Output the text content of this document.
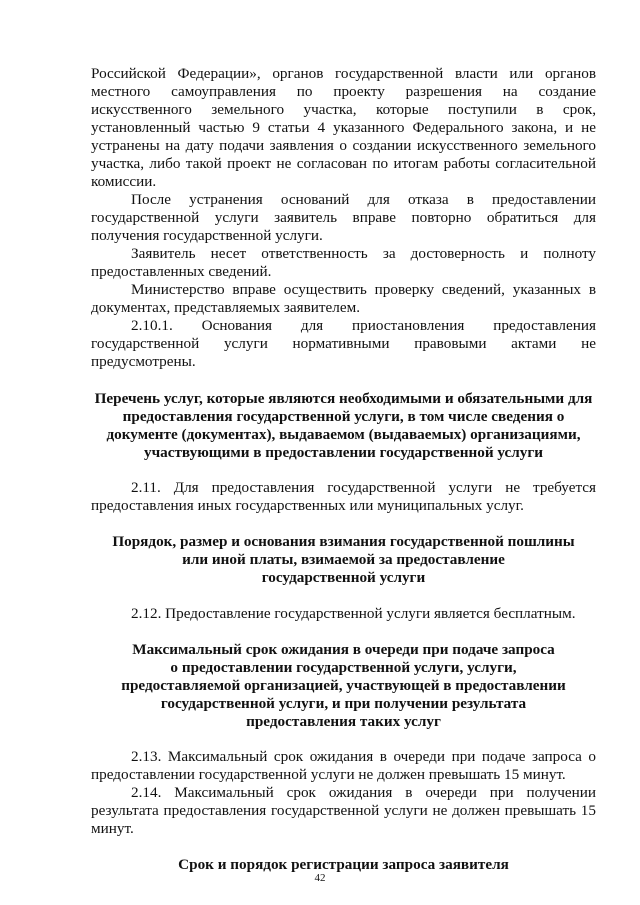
Российской Федерации», органов государственной власти или органов
местного самоуправления по проекту разрешения на создание
искусственного земельного участка, которые поступили в срок,
установленный частью 9 статьи 4 указанного Федерального закона, и не
устранены на дату подачи заявления о создании искусственного земельного
участка, либо такой проект не согласован по итогам работы согласительной
комиссии.
После устранения оснований для отказа в предоставлении
государственной услуги заявитель вправе повторно обратиться для
получения государственной услуги.
Заявитель несет ответственность за достоверность и полноту
предоставленных сведений.
Министерство вправе осуществить проверку сведений, указанных в
документах, представляемых заявителем.
2.10.1. Основания для приостановления предоставления
государственной услуги нормативными правовыми актами не
предусмотрены.
Перечень услуг, которые являются необходимыми и обязательными для
предоставления государственной услуги, в том числе сведения о
документе (документах), выдаваемом (выдаваемых) организациями,
участвующими в предоставлении государственной услуги
2.11. Для предоставления государственной услуги не требуется
предоставления иных государственных или муниципальных услуг.
Порядок, размер и основания взимания государственной пошлины
или иной платы, взимаемой за предоставление
государственной услуги
2.12. Предоставление государственной услуги является бесплатным.
Максимальный срок ожидания в очереди при подаче запроса
о предоставлении государственной услуги, услуги,
предоставляемой организацией, участвующей в предоставлении
государственной услуги, и при получении результата
предоставления таких услуг
2.13. Максимальный срок ожидания в очереди при подаче запроса о
предоставлении государственной услуги не должен превышать 15 минут.
2.14. Максимальный срок ожидания в очереди при получении
результата предоставления государственной услуги не должен превышать 15
минут.
Срок и порядок регистрации запроса заявителя
42
